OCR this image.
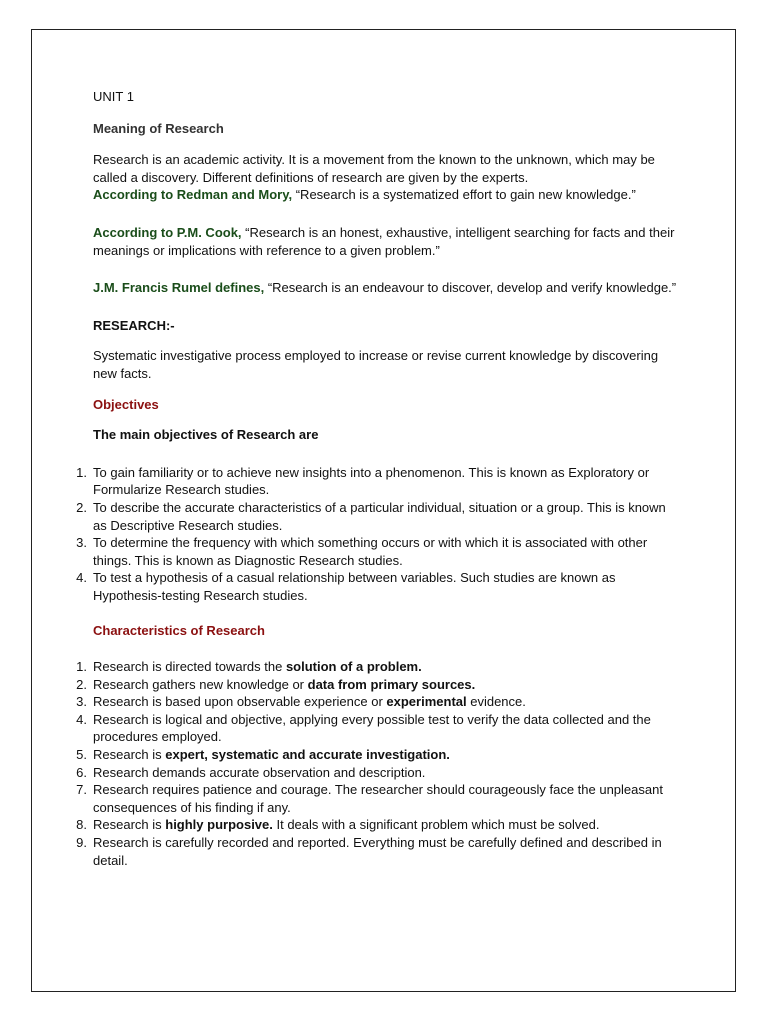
UNIT 1

Meaning of Research

Research is an academic activity. It is a movement from the known to the unknown, which may be called a discovery. Different definitions of research are given by the experts.

According to Redman and Mory, “Research is a systematized effort to gain new knowledge.”

According to P.M. Cook, “Research is an honest, exhaustive, intelligent searching for facts and their meanings or implications with reference to a given problem.”

J.M. Francis Rumel defines, “Research is an endeavour to discover, develop and verify knowledge.”

RESEARCH:-

Systematic investigative process employed to increase or revise current knowledge by discovering new facts.

Objectives

The main objectives of Research are

1. To gain familiarity or to achieve new insights into a phenomenon. This is known as Exploratory or Formularize Research studies.
2. To describe the accurate characteristics of a particular individual, situation or a group. This is known as Descriptive Research studies.
3. To determine the frequency with which something occurs or with which it is associated with other things. This is known as Diagnostic Research studies.
4. To test a hypothesis of a casual relationship between variables. Such studies are known as Hypothesis-testing Research studies.

Characteristics of Research

1. Research is directed towards the solution of a problem.
2. Research gathers new knowledge or data from primary sources.
3. Research is based upon observable experience or experimental evidence.
4. Research is logical and objective, applying every possible test to verify the data collected and the procedures employed.
5. Research is expert, systematic and accurate investigation.
6. Research demands accurate observation and description.
7. Research requires patience and courage. The researcher should courageously face the unpleasant consequences of his finding if any.
8. Research is highly purposive. It deals with a significant problem which must be solved.
9. Research is carefully recorded and reported. Everything must be carefully defined and described in detail.
